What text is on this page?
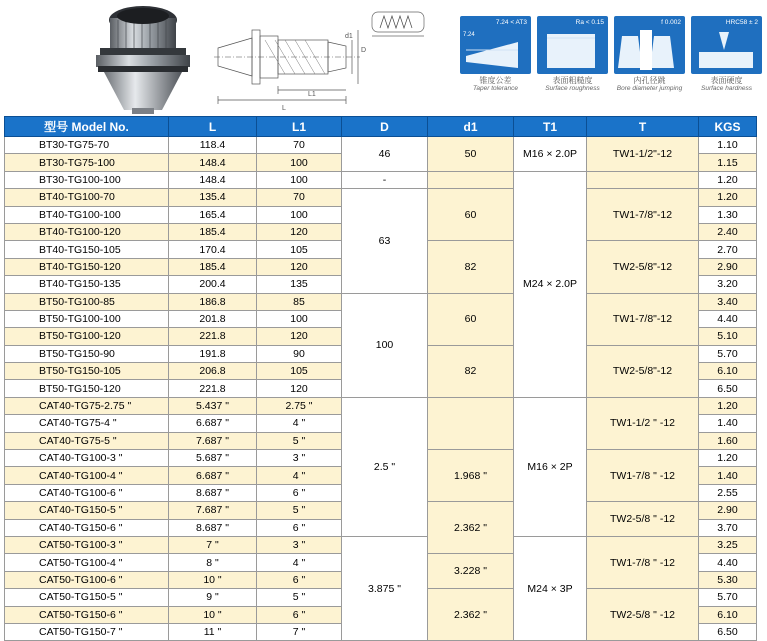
L
L1
D
d1
7.24 < AT3
7.24
锥度公差
Taper tolerance
Ra < 0.15
表面粗糙度
Surface roughness
f 0.002
内孔径跳
Bore diameter jumping
HRC58 ± 2
表面硬度
Surface hardness
型号 Model No.	L	L1	D	d1	T1	T	KGS
BT30-TG75-70	118.4	70	46	50	M16 × 2.0P	TW1-1/2"-12	1.10
BT30-TG75-100	148.4	100					1.15
BT30-TG100-100	148.4	100	-		M24 × 2.0P		1.20
BT40-TG100-70	135.4	70	63	60		TW1-7/8"-12	1.20
BT40-TG100-100	165.4	100					1.30
BT40-TG100-120	185.4	120					2.40
BT40-TG150-105	170.4	105		82		TW2-5/8"-12	2.70
BT40-TG150-120	185.4	120					2.90
BT40-TG150-135	200.4	135					3.20
BT50-TG100-85	186.8	85	100	60		TW1-7/8"-12	3.40
BT50-TG100-100	201.8	100					4.40
BT50-TG100-120	221.8	120					5.10
BT50-TG150-90	191.8	90		82		TW2-5/8"-12	5.70
BT50-TG150-105	206.8	105					6.10
BT50-TG150-120	221.8	120					6.50
CAT40-TG75-2.75 "	5.437 "	2.75 "	2.5 "		M16 × 2P	TW1-1/2 " -12	1.20
CAT40-TG75-4 "	6.687 "	4 "					1.40
CAT40-TG75-5 "	7.687 "	5 "					1.60
CAT40-TG100-3 "	5.687 "	3 "		1.968 "		TW1-7/8 " -12	1.20
CAT40-TG100-4 "	6.687 "	4 "					1.40
CAT40-TG100-6 "	8.687 "	6 "					2.55
CAT40-TG150-5 "	7.687 "	5 "		2.362 "		TW2-5/8 " -12	2.90
CAT40-TG150-6 "	8.687 "	6 "					3.70
CAT50-TG100-3 "	7 "	3 "	3.875 "		M24 × 3P	TW1-7/8 " -12	3.25
CAT50-TG100-4 "	8 "	4 "		3.228 "			4.40
CAT50-TG100-6 "	10 "	6 "					5.30
CAT50-TG150-5 "	9 "	5 "		2.362 "		TW2-5/8 " -12	5.70
CAT50-TG150-6 "	10 "	6 "					6.10
CAT50-TG150-7 "	11 "	7 "					6.50
